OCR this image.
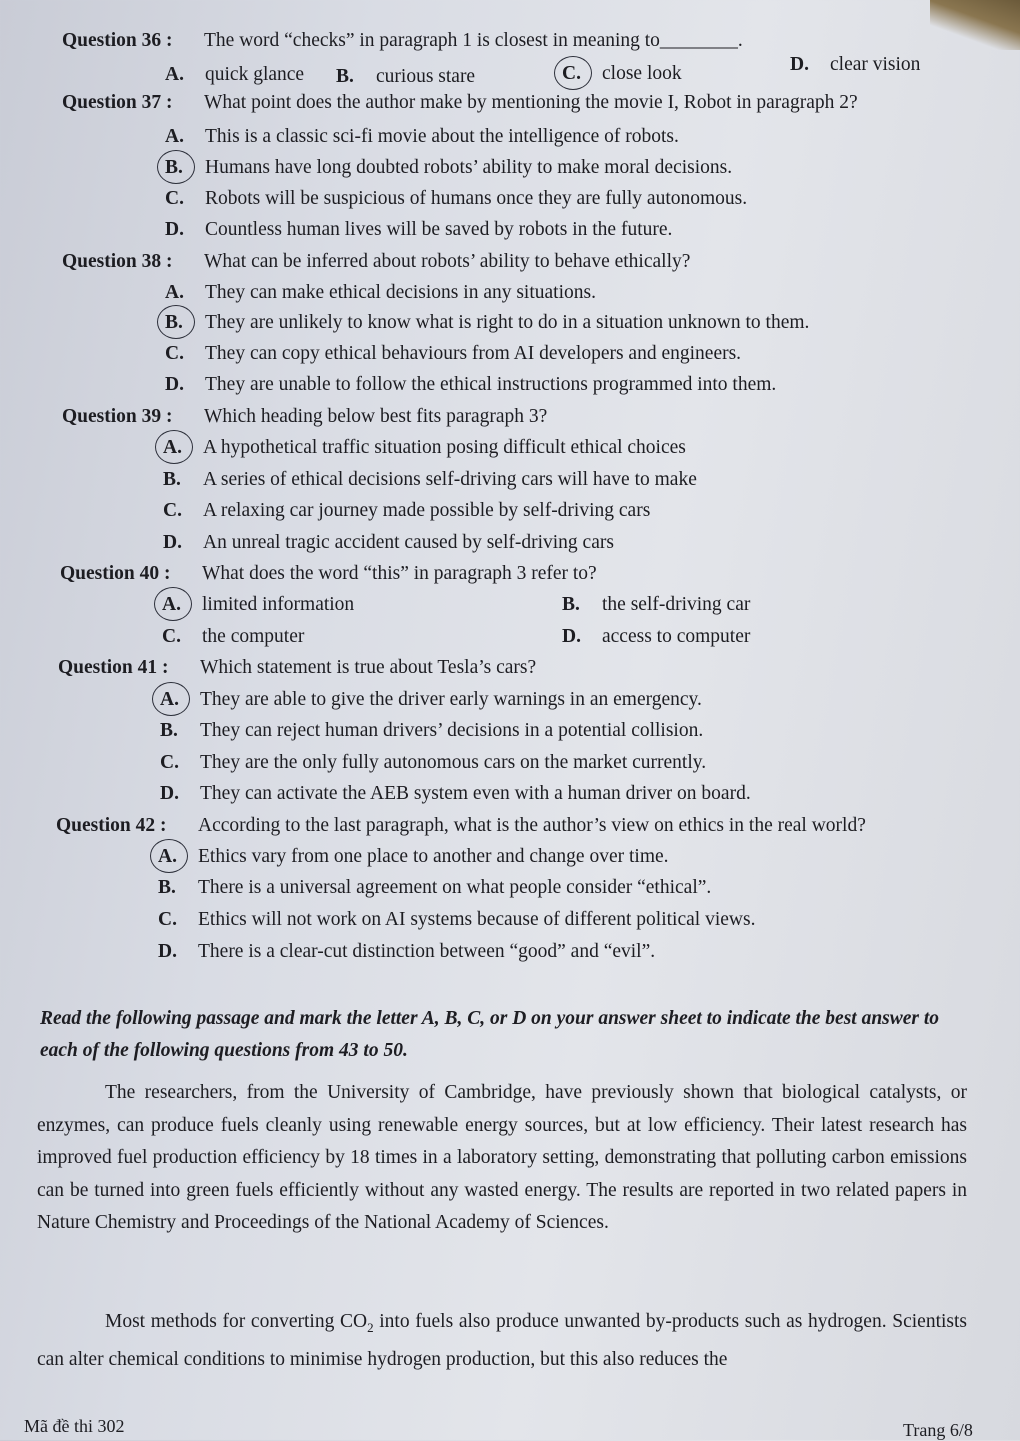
Question 36 : The word “checks” in paragraph 1 is closest in meaning to________.
A. quick glance B. curious stare	C. close look	D. clear vision
Question 37 : What point does the author make by mentioning the movie I, Robot in paragraph 2?
A. This is a classic sci-fi movie about the intelligence of robots.
B. Humans have long doubted robots’ ability to make moral decisions.
C. Robots will be suspicious of humans once they are fully autonomous.
D. Countless human lives will be saved by robots in the future.
Question 38 : What can be inferred about robots’ ability to behave ethically?
A. They can make ethical decisions in any situations.
B. They are unlikely to know what is right to do in a situation unknown to them.
C. They can copy ethical behaviours from AI developers and engineers.
D. They are unable to follow the ethical instructions programmed into them.
Question 39 : Which heading below best fits paragraph 3?
A. A hypothetical traffic situation posing difficult ethical choices
B. A series of ethical decisions self-driving cars will have to make
C. A relaxing car journey made possible by self-driving cars
D. An unreal tragic accident caused by self-driving cars
Question 40 : What does the word “this” in paragraph 3 refer to?
A. limited information	B. the self-driving car
C. the computer	D. access to computer
Question 41 : Which statement is true about Tesla’s cars?
A. They are able to give the driver early warnings in an emergency.
B. They can reject human drivers’ decisions in a potential collision.
C. They are the only fully autonomous cars on the market currently.
D. They can activate the AEB system even with a human driver on board.
Question 42 : According to the last paragraph, what is the author’s view on ethics in the real world?
A. Ethics vary from one place to another and change over time.
B. There is a universal agreement on what people consider “ethical”.
C. Ethics will not work on AI systems because of different political views.
D. There is a clear-cut distinction between “good” and “evil”.
Read the following passage and mark the letter A, B, C, or D on your answer sheet to indicate the best answer to each of the following questions from 43 to 50.
The researchers, from the University of Cambridge, have previously shown that biological catalysts, or enzymes, can produce fuels cleanly using renewable energy sources, but at low efficiency. Their latest research has improved fuel production efficiency by 18 times in a laboratory setting, demonstrating that polluting carbon emissions can be turned into green fuels efficiently without any wasted energy. The results are reported in two related papers in Nature Chemistry and Proceedings of the National Academy of Sciences.
Most methods for converting $CO_2$ into fuels also produce unwanted by-products such as hydrogen. Scientists can alter chemical conditions to minimise hydrogen production, but this also reduces the
Mã đề thi 302	Trang 6/8
